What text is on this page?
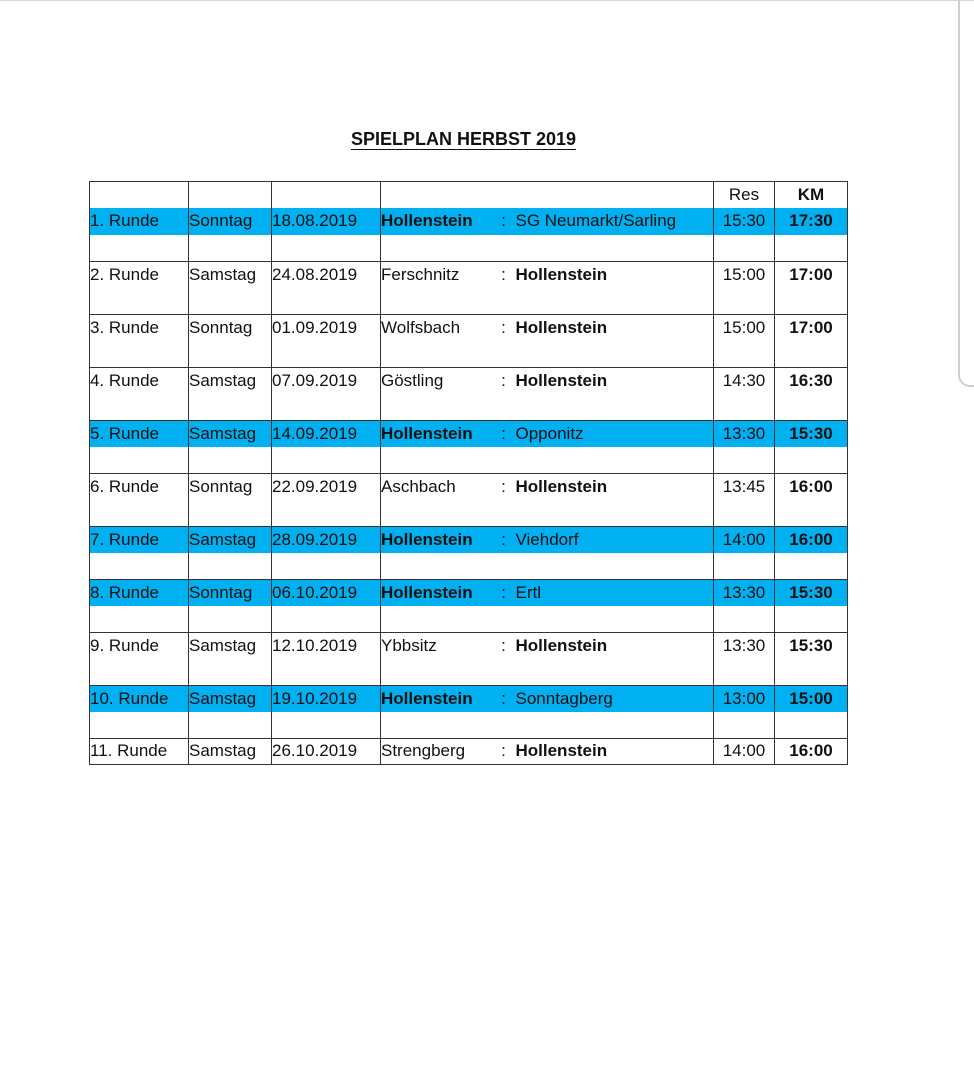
SPIELPLAN HERBST 2019
					Res	KM
1. Runde	Sonntag	18.08.2019	Hollenstein	: SG Neumarkt/Sarling	15:30	17:30

2. Runde	Samstag	24.08.2019	Ferschnitz	: Hollenstein	15:00	17:00

3. Runde	Sonntag	01.09.2019	Wolfsbach	: Hollenstein	15:00	17:00

4. Runde	Samstag	07.09.2019	Göstling	: Hollenstein	14:30	16:30

5. Runde	Samstag	14.09.2019	Hollenstein	: Opponitz	13:30	15:30

6. Runde	Sonntag	22.09.2019	Aschbach	: Hollenstein	13:45	16:00

7. Runde	Samstag	28.09.2019	Hollenstein	: Viehdorf	14:00	16:00

8. Runde	Sonntag	06.10.2019	Hollenstein	: Ertl	13:30	15:30

9. Runde	Samstag	12.10.2019	Ybbsitz	: Hollenstein	13:30	15:30

10. Runde	Samstag	19.10.2019	Hollenstein	: Sonntagberg	13:00	15:00

11. Runde	Samstag	26.10.2019	Strengberg	: Hollenstein	14:00	16:00
